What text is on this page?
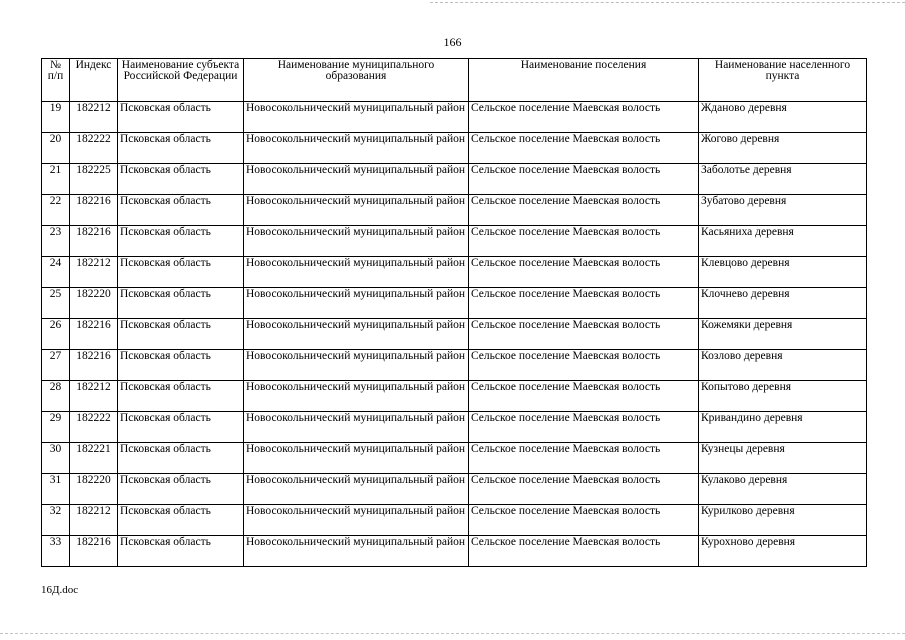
166
№ п/п	Индекс	Наименование субъекта Российской Федерации	Наименование муниципального образования	Наименование поселения	Наименование населенного пункта
19	182212	Псковская область	Новосокольнический муниципальный район	Сельское поселение Маевская волость	Жданово деревня
20	182222	Псковская область	Новосокольнический муниципальный район	Сельское поселение Маевская волость	Жогово деревня
21	182225	Псковская область	Новосокольнический муниципальный район	Сельское поселение Маевская волость	Заболотье деревня
22	182216	Псковская область	Новосокольнический муниципальный район	Сельское поселение Маевская волость	Зубатово деревня
23	182216	Псковская область	Новосокольнический муниципальный район	Сельское поселение Маевская волость	Касьяниха деревня
24	182212	Псковская область	Новосокольнический муниципальный район	Сельское поселение Маевская волость	Клевцово деревня
25	182220	Псковская область	Новосокольнический муниципальный район	Сельское поселение Маевская волость	Клочнево деревня
26	182216	Псковская область	Новосокольнический муниципальный район	Сельское поселение Маевская волость	Кожемяки деревня
27	182216	Псковская область	Новосокольнический муниципальный район	Сельское поселение Маевская волость	Козлово деревня
28	182212	Псковская область	Новосокольнический муниципальный район	Сельское поселение Маевская волость	Копытово деревня
29	182222	Псковская область	Новосокольнический муниципальный район	Сельское поселение Маевская волость	Кривандино деревня
30	182221	Псковская область	Новосокольнический муниципальный район	Сельское поселение Маевская волость	Кузнецы деревня
31	182220	Псковская область	Новосокольнический муниципальный район	Сельское поселение Маевская волость	Кулаково деревня
32	182212	Псковская область	Новосокольнический муниципальный район	Сельское поселение Маевская волость	Курилково деревня
33	182216	Псковская область	Новосокольнический муниципальный район	Сельское поселение Маевская волость	Курохново деревня
16Д.doc
